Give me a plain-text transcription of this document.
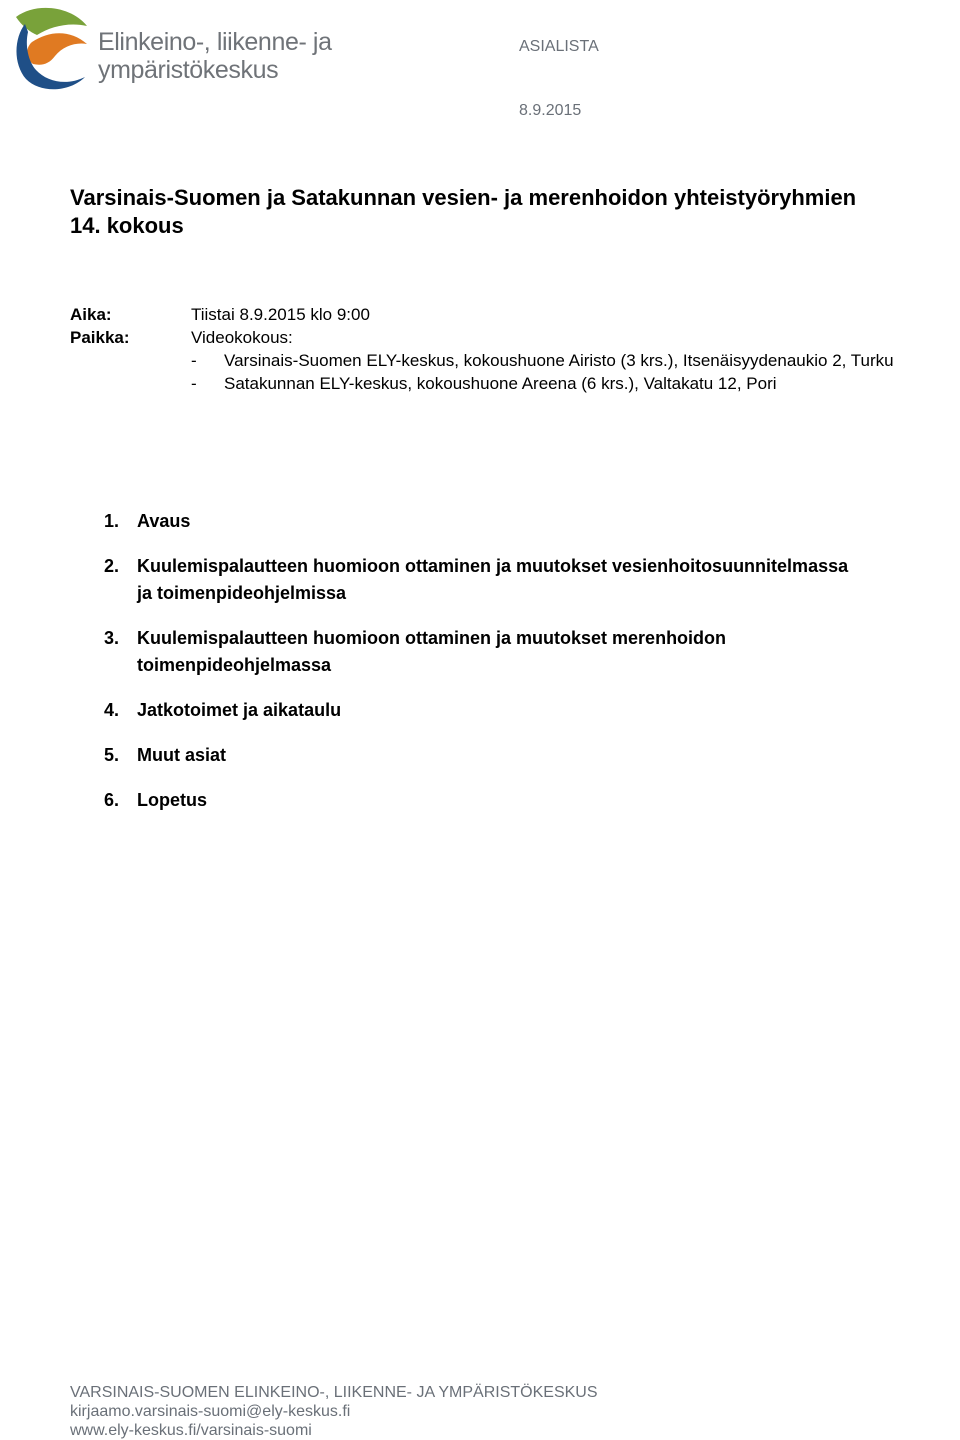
Elinkeino-, liikenne- ja
ympäristökeskus
ASIALISTA
8.9.2015
Varsinais-Suomen ja Satakunnan vesien- ja merenhoidon yhteistyöryhmien
14. kokous
Aika:	Tiistai 8.9.2015 klo 9:00
Paikka:	Videokokous:
-	Varsinais-Suomen ELY-keskus, kokoushuone Airisto (3 krs.), Itsenäisyydenaukio 2, Turku
-	Satakunnan ELY-keskus, kokoushuone Areena (6 krs.), Valtakatu 12, Pori
1. Avaus
2. Kuulemispalautteen huomioon ottaminen ja muutokset vesienhoitosuunnitelmassa
ja toimenpideohjelmissa
3. Kuulemispalautteen huomioon ottaminen ja muutokset merenhoidon
toimenpideohjelmassa
4. Jatkotoimet ja aikataulu
5. Muut asiat
6. Lopetus
VARSINAIS-SUOMEN ELINKEINO-, LIIKENNE- JA YMPÄRISTÖKESKUS
kirjaamo.varsinais-suomi@ely-keskus.fi
www.ely-keskus.fi/varsinais-suomi
